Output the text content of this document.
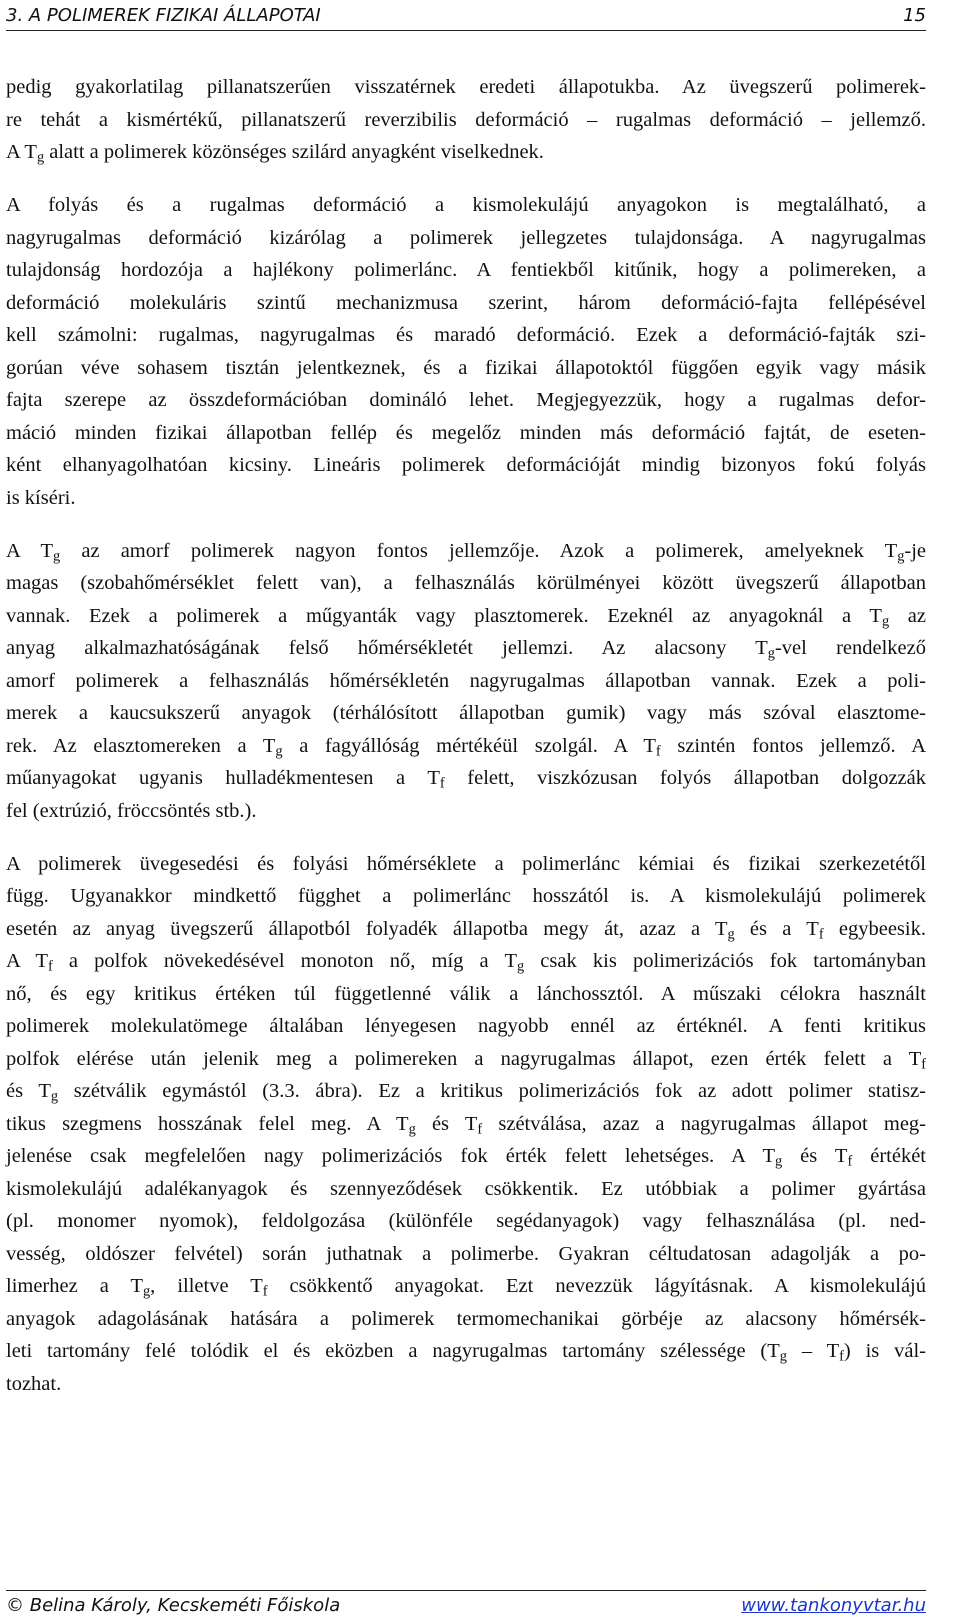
3. A POLIMEREK FIZIKAI ÁLLAPOTAI	15
pedig gyakorlatilag pillanatszerűen visszatérnek eredeti állapotukba. Az üvegszerű polimerek-
re tehát a kismértékű, pillanatszerű reverzibilis deformáció – rugalmas deformáció – jellemző.
A $T_g$ alatt a polimerek közönséges szilárd anyagként viselkednek.
A folyás és a rugalmas deformáció a kismolekulájú anyagokon is megtalálható, a
nagyrugalmas deformáció kizárólag a polimerek jellegzetes tulajdonsága. A nagyrugalmas
tulajdonság hordozója a hajlékony polimerlánc. A fentiekből kitűnik, hogy a polimereken, a
deformáció molekuláris szintű mechanizmusa szerint, három deformáció-fajta fellépésével
kell számolni: rugalmas, nagyrugalmas és maradó deformáció. Ezek a deformáció-fajták szi-
gorúan véve sohasem tisztán jelentkeznek, és a fizikai állapotoktól függően egyik vagy másik
fajta szerepe az összdeformációban domináló lehet. Megjegyezzük, hogy a rugalmas defor-
máció minden fizikai állapotban fellép és megelőz minden más deformáció fajtát, de eseten-
ként elhanyagolhatóan kicsiny. Lineáris polimerek deformációját mindig bizonyos fokú folyás
is kíséri.
A $T_g$ az amorf polimerek nagyon fontos jellemzője. Azok a polimerek, amelyeknek $T_g-je$
magas (szobahőmérséklet felett van), a felhasználás körülményei között üvegszerű állapotban
vannak. Ezek a polimerek a műgyanták vagy plasztomerek. Ezeknél az anyagoknál a $T_g$ az
anyag alkalmazhatóságának felső hőmérsékletét jellemzi. Az alacsony $T_g$-vel rendelkező
amorf polimerek a felhasználás hőmérsékletén nagyrugalmas állapotban vannak. Ezek a poli-
merek a kaucsukszerű anyagok (térhálósított állapotban gumik) vagy más szóval elasztome-
rek. Az elasztomereken a $T_g$ a fagyállóság mértékéül szolgál. A $T_f$ szintén fontos jellemző. A
műanyagokat ugyanis hulladékmentesen a $T_f$ felett, viszkózusan folyós állapotban dolgozzák
fel (extrúzió, fröccsöntés stb.).
A polimerek üvegesedési és folyási hőmérséklete a polimerlánc kémiai és fizikai szerkezetétől
függ. Ugyanakkor mindkettő függhet a polimerlánc hosszától is. A kismolekulájú polimerek
esetén az anyag üvegszerű állapotból folyadék állapotba megy át, azaz a $T_g$ és a $T_f$ egybeesik.
A $T_f$ a polfok növekedésével monoton nő, míg a $T_g$ csak kis polimerizációs fok tartományban
nő, és egy kritikus értéken túl függetlenné válik a lánchossztól. A műszaki célokra használt
polimerek molekulatömege általában lényegesen nagyobb ennél az értéknél. A fenti kritikus
polfok elérése után jelenik meg a polimereken a nagyrugalmas állapot, ezen érték felett a $T_f$
és $T_g$ szétválik egymástól (3.3. ábra). Ez a kritikus polimerizációs fok az adott polimer statisz-
tikus szegmens hosszának felel meg. A $T_g$ és $T_f$ szétválása, azaz a nagyrugalmas állapot meg-
jelenése csak megfelelően nagy polimerizációs fok érték felett lehetséges. A $T_g$ és $T_f$ értékét
kismolekulájú adalékanyagok és szennyeződések csökkentik. Ez utóbbiak a polimer gyártása
(pl. monomer nyomok), feldolgozása (különféle segédanyagok) vagy felhasználása (pl. ned-
vesség, oldószer felvétel) során juthatnak a polimerbe. Gyakran céltudatosan adagolják a po-
limerhez a $T_g$, illetve $T_f$ csökkentő anyagokat. Ezt nevezzük lágyításnak. A kismolekulájú
anyagok adagolásának hatására a polimerek termomechanikai görbéje az alacsony hőmérsék-
leti tartomány felé tolódik el és eközben a nagyrugalmas tartomány szélessége $(T_g - T_f)$ is vál-
tozhat.
© Belina Károly, Kecskeméti Főiskola	www.tankonyvtar.hu
